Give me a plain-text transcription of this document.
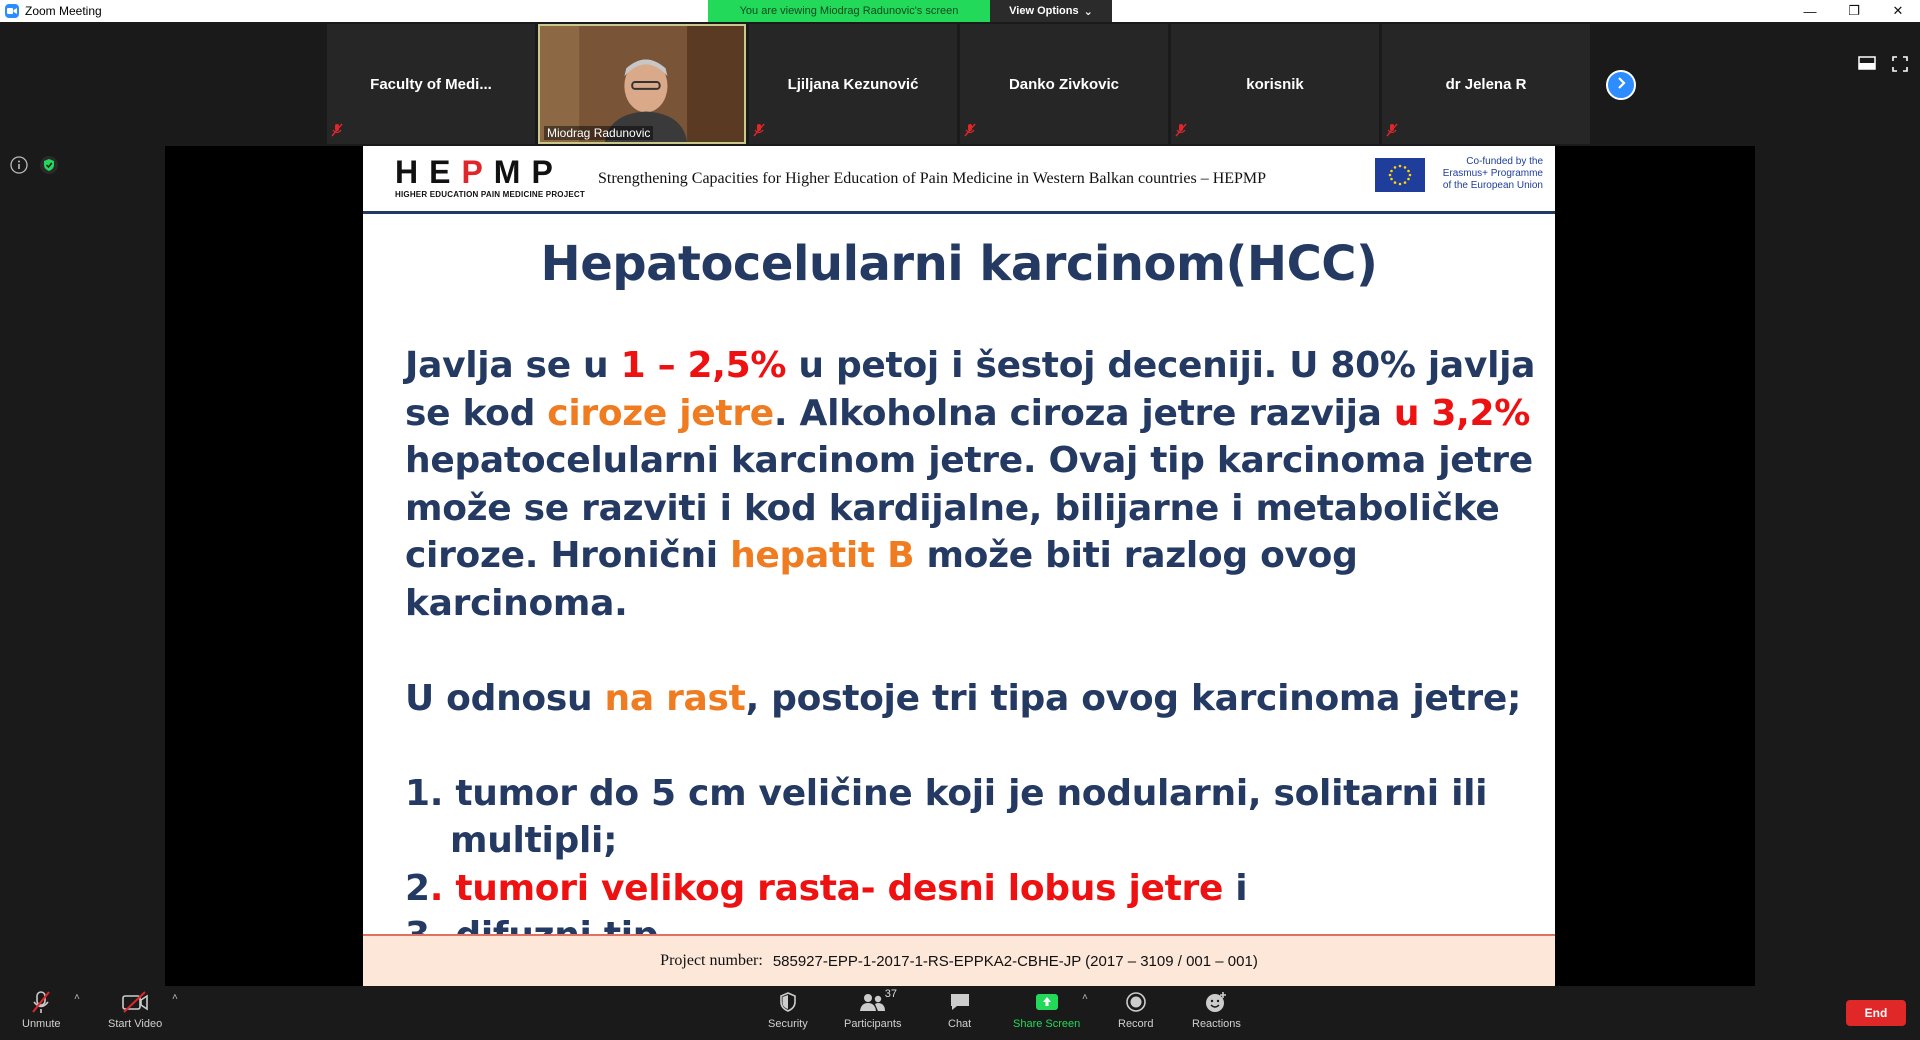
Zoom Meeting	—	❐	✕
You are viewing Miodrag Radunovic's screen	View Options ⌄
Faculty of Medi...
Miodrag Radunovic
Ljiljana Kezunović	Danko Zivkovic	korisnik	dr Jelena R
HEPMP
HIGHER EDUCATION PAIN MEDICINE PROJECT
Strengthening Capacities for Higher Education of Pain Medicine in Western Balkan countries – HEPMP
Co-funded by the
Erasmus+ Programme
of the European Union
Hepatocelularni karcinom(HCC)

Javlja se u 1 – 2,5% u petoj i šestoj deceniji. U 80% javlja se kod ciroze jetre. Alkoholna ciroza jetre razvija u 3,2% hepatocelularni karcinom jetre. Ovaj tip karcinoma jetre može se razviti i kod kardijalne, bilijarne i metaboličke ciroze. Hronični hepatit B može biti razlog ovog karcinoma.

U odnosu na rast, postoje tri tipa ovog karcinoma jetre;

1. tumor do 5 cm veličine koji je nodularni, solitarni ili

multipli;

2. tumori velikog rasta- desni lobus jetre i

Project number: 585927-EPP-1-2017-1-RS-EPPKA2-CBHE-JP (2017 – 3109 / 001 – 001)
Unmute
˄
Start Video
˄
Security
37
Participants	Chat	Share Screen
˄
Record	Reactions
End
